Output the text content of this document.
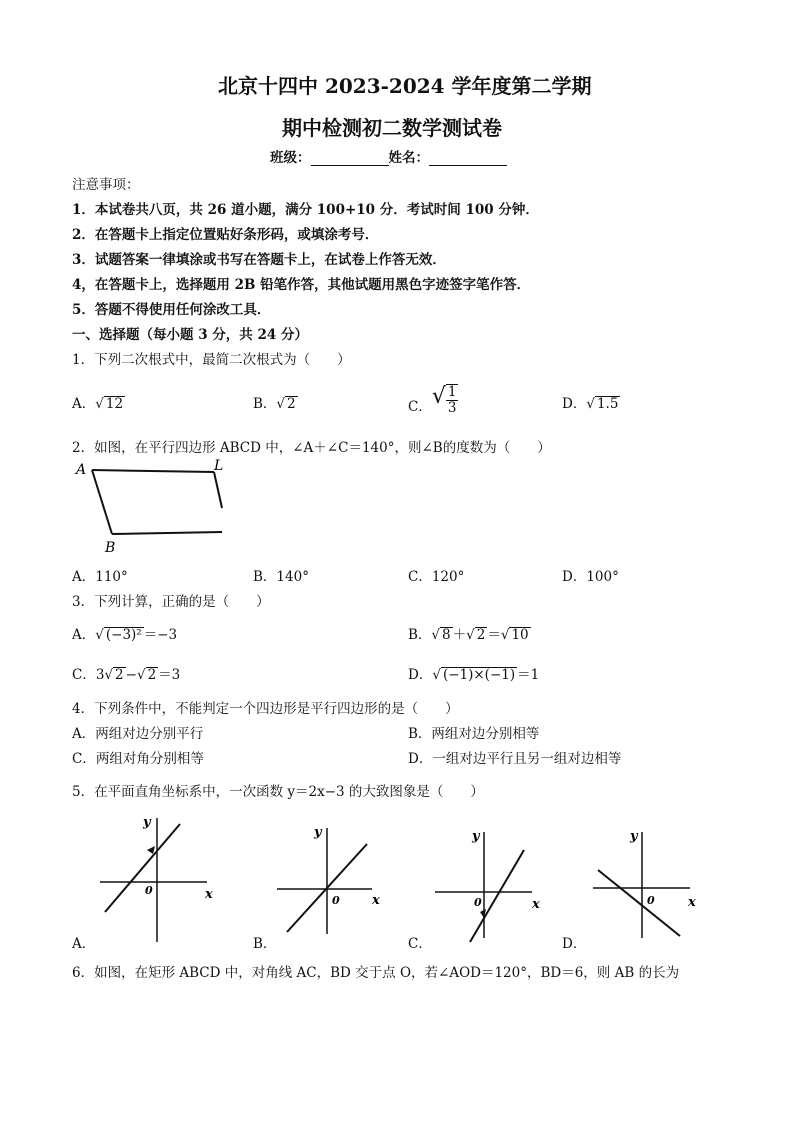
北京十四中 2023-2024 学年度第二学期
期中检测初二数学测试卷
班级：	姓名：
注意事项：
1．本试卷共八页，共 26 道小题，满分 100+10 分．考试时间 100 分钟．
2．在答题卡上指定位置贴好条形码，或填涂考号．
3．试题答案一律填涂或书写在答题卡上，在试卷上作答无效．
4，在答题卡上，选择题用 2B 铅笔作答，其他试题用黑色字迹签字笔作答．
5．答题不得使用任何涂改工具．
一、选择题（每小题 3 分，共 24 分）
1．下列二次根式中，最简二次根式为（　　）
A．√ 12	B．√ 2	C．√ $\frac{1}{3}$	D．√ 1.5
2．如图，在平行四边形 ABCD 中，∠A＋∠C＝140°，则∠B的度数为（　　）
A
B
L
A．110°	B．140°	C．120°	D．100°
3．下列计算，正确的是（　　）
A．√ (−3)² ＝−3	B．√ 8 ＋√ 2 ＝√ 10
C．3√ 2 −√ 2 ＝3	D．√ (−1)×(−1) ＝1
4．下列条件中，不能判定一个四边形是平行四边形的是（　　）
A．两组对边分别平行	B．两组对边分别相等
C．两组对角分别相等	D．一组对边平行且另一组对边相等
5．在平面直角坐标系中，一次函数 y＝2x−3 的大致图象是（　　）
y
x
0
y
x
0
y
x
0
y
x
0
A．	B．	C．	D．
6．如图，在矩形 ABCD 中，对角线 AC，BD 交于点 O，若∠AOD＝120°，BD＝6，则 AB 的长为
